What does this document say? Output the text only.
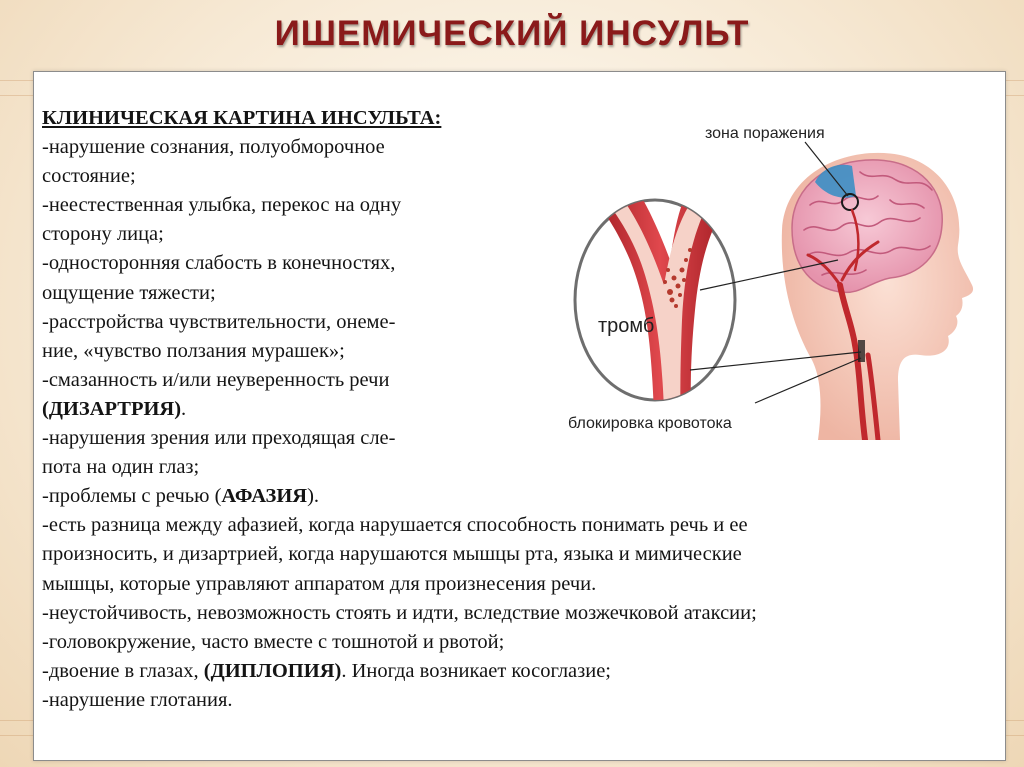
ИШЕМИЧЕСКИЙ ИНСУЛЬТ
КЛИНИЧЕСКАЯ КАРТИНА ИНСУЛЬТА:
-нарушение сознания, полуобморочное
состояние;
-неестественная улыбка, перекос на одну
сторону лица;
-односторонняя слабость в конечностях,
ощущение тяжести;
-расстройства чувствительности, онеме-
ние, «чувство ползания мурашек»;
-смазанность и/или неуверенность речи
(ДИЗАРТРИЯ).
-нарушения зрения или преходящая сле-
пота на один глаз;
-проблемы с речью (АФАЗИЯ).
-есть разница между афазией, когда нарушается способность понимать речь и ее
произносить, и дизартрией, когда нарушаются мышцы рта, языка и мимические
мышцы, которые управляют аппаратом для произнесения речи.
-неустойчивость, невозможность стоять и идти, вследствие мозжечковой атаксии;
-головокружение, часто вместе с тошнотой и рвотой;
-двоение в глазах, (ДИПЛОПИЯ). Иногда возникает косоглазие;
-нарушение глотания.
зона поражения
тромб
блокировка кровотока
